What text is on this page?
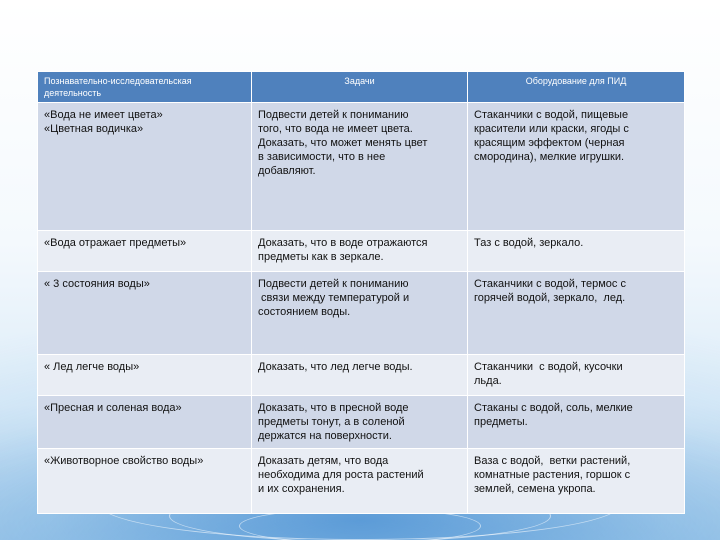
Познавательно-исследовательская
деятельность	Задачи	Оборудование для ПИД

«Вода не имеет цвета»
«Цветная водичка»	Подвести детей к пониманию
того, что вода не имеет цвета.
Доказать, что может менять цвет
в зависимости, что в нее
добавляют.	Стаканчики с водой, пищевые
красители или краски, ягоды с
красящим эффектом (черная
смородина), мелкие игрушки.

«Вода отражает предметы»	Доказать, что в воде отражаются
предметы как в зеркале.	Таз с водой, зеркало.

« 3 состояния воды»	Подвести детей к пониманию
связи между температурой и
состоянием воды.	Стаканчики с водой, термос с
горячей водой, зеркало,  лед.

« Лед легче воды»	Доказать, что лед легче воды.	Стаканчики  с водой, кусочки
льда.

«Пресная и соленая вода»	Доказать, что в пресной воде
предметы тонут, а в соленой
держатся на поверхности.	Стаканы с водой, соль, мелкие
предметы.

«Животворное свойство воды»	Доказать детям, что вода
необходима для роста растений
и их сохранения.	Ваза с водой,  ветки растений,
комнатные растения, горшок с
землей, семена укропа.
